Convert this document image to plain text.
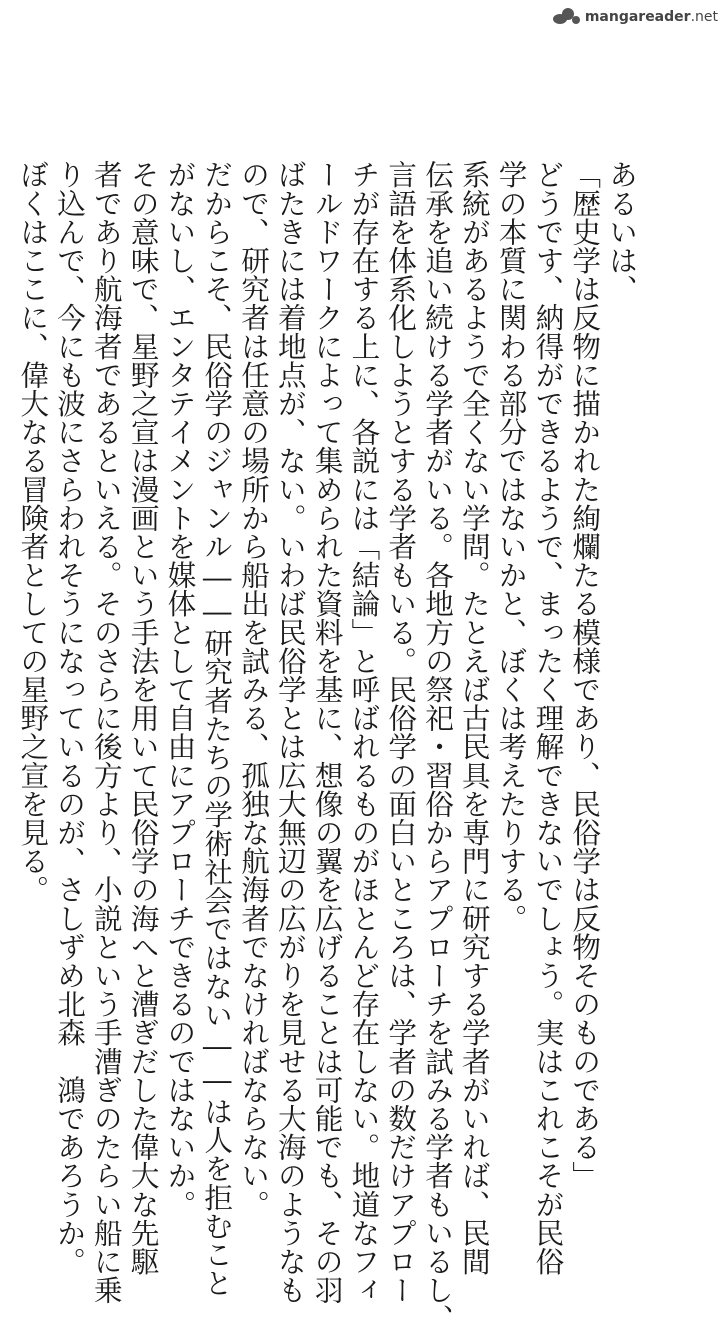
mangareader.net
あるいは、
「歴史学は反物に描かれた絢爛たる模様であり、民俗学は反物そのものである」
どうです、納得ができるようで、まったく理解できないでしょう。実はこれこそが民俗
学の本質に関わる部分ではないかと、ぼくは考えたりする。
系統があるようで全くない学問。たとえば古民具を専門に研究する学者がいれば、民間
伝承を追い続ける学者がいる。各地方の祭祀・習俗からアプローチを試みる学者もいるし、
言語を体系化しようとする学者もいる。民俗学の面白いところは、学者の数だけアプロー
チが存在する上に、各説には「結論」と呼ばれるものがほとんど存在しない。地道なフィ
ールドワークによって集められた資料を基に、想像の翼を広げることは可能でも、その羽
ばたきには着地点が、ない。いわば民俗学とは広大無辺の広がりを見せる大海のようなも
ので、研究者は任意の場所から船出を試みる、孤独な航海者でなければならない。
だからこそ、民俗学のジャンル――研究者たちの学術社会ではない――は人を拒むこと
がないし、エンタテイメントを媒体として自由にアプローチできるのではないか。
その意味で、星野之宣は漫画という手法を用いて民俗学の海へと漕ぎだした偉大な先駆
者であり航海者であるといえる。そのさらに後方より、小説という手漕ぎのたらい船に乗
り込んで、今にも波にさらわれそうになっているのが、さしずめ北森　鴻であろうか。
ぼくはここに、偉大なる冒険者としての星野之宣を見る。
